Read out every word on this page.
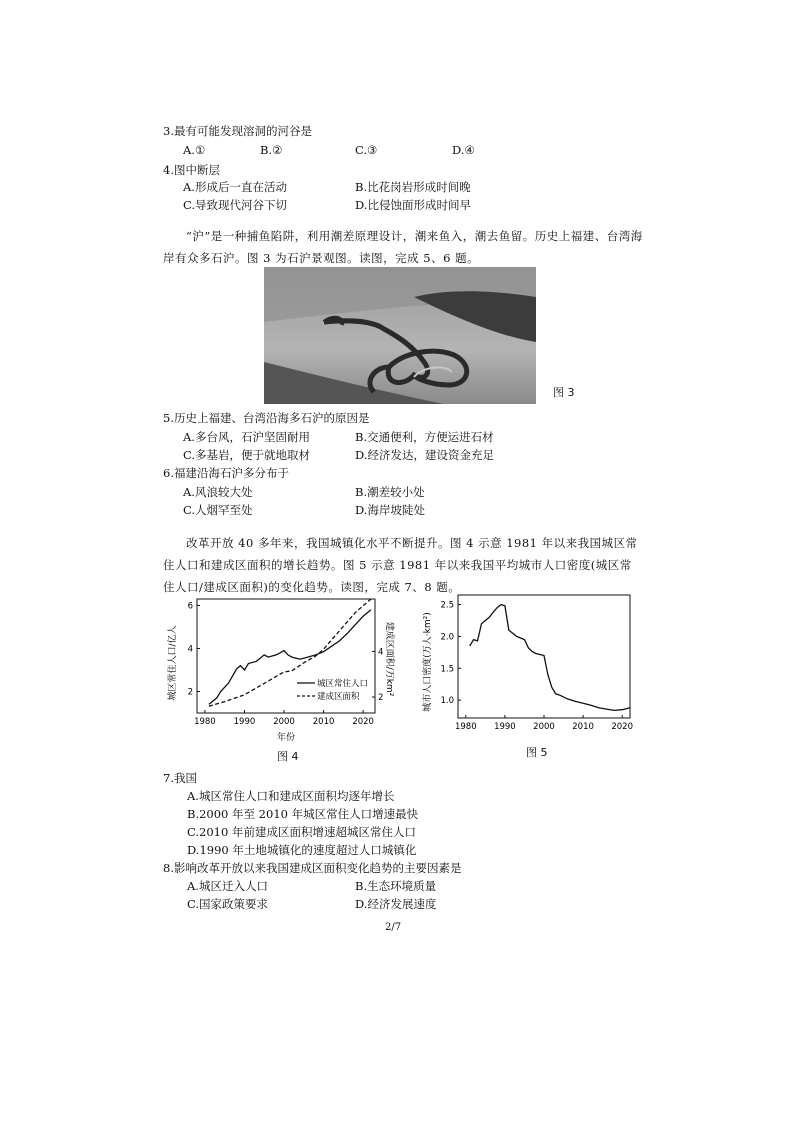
3.最有可能发现溶洞的河谷是
A.①	B.②	C.③	D.④
4.图中断层
A.形成后一直在活动	B.比花岗岩形成时间晚
C.导致现代河谷下切	D.比侵蚀面形成时间早
“沪”是一种捕鱼陷阱，利用潮差原理设计，潮来鱼入，潮去鱼留。历史上福建、台湾海岸有众多石沪。图 3 为石沪景观图。读图，完成 5、6 题。
图 3
5.历史上福建、台湾沿海多石沪的原因是
A.多台风，石沪坚固耐用	B.交通便利，方便运进石材
C.多基岩，便于就地取材	D.经济发达，建设资金充足
6.福建沿海石沪多分布于
A.风浪较大处	B.潮差较小处
C.人烟罕至处	D.海岸坡陡处
改革开放 40 多年来，我国城镇化水平不断提升。图 4 示意 1981 年以来我国城区常住人口和建成区面积的增长趋势。图 5 示意 1981 年以来我国平均城市人口密度(城区常住人口/建成区面积)的变化趋势。读图，完成 7、8 题。
1980 1990 2000 2010 2020
2
4
6
2
4
城区常住人口/亿人	建成区面积/万km²
年份
城区常住人口
建成区面积
图 4
1980 1990 2000 2010 2020
1.0
1.5
2.0
2.5
城市人口密度(万人·km²)
图 5
7.我国
A.城区常住人口和建成区面积均逐年增长
B.2000 年至 2010 年城区常住人口增速最快
C.2010 年前建成区面积增速超城区常住人口
D.1990 年土地城镇化的速度超过人口城镇化
8.影响改革开放以来我国建成区面积变化趋势的主要因素是
A.城区迁入人口	B.生态环境质量
C.国家政策要求	D.经济发展速度
2/7
